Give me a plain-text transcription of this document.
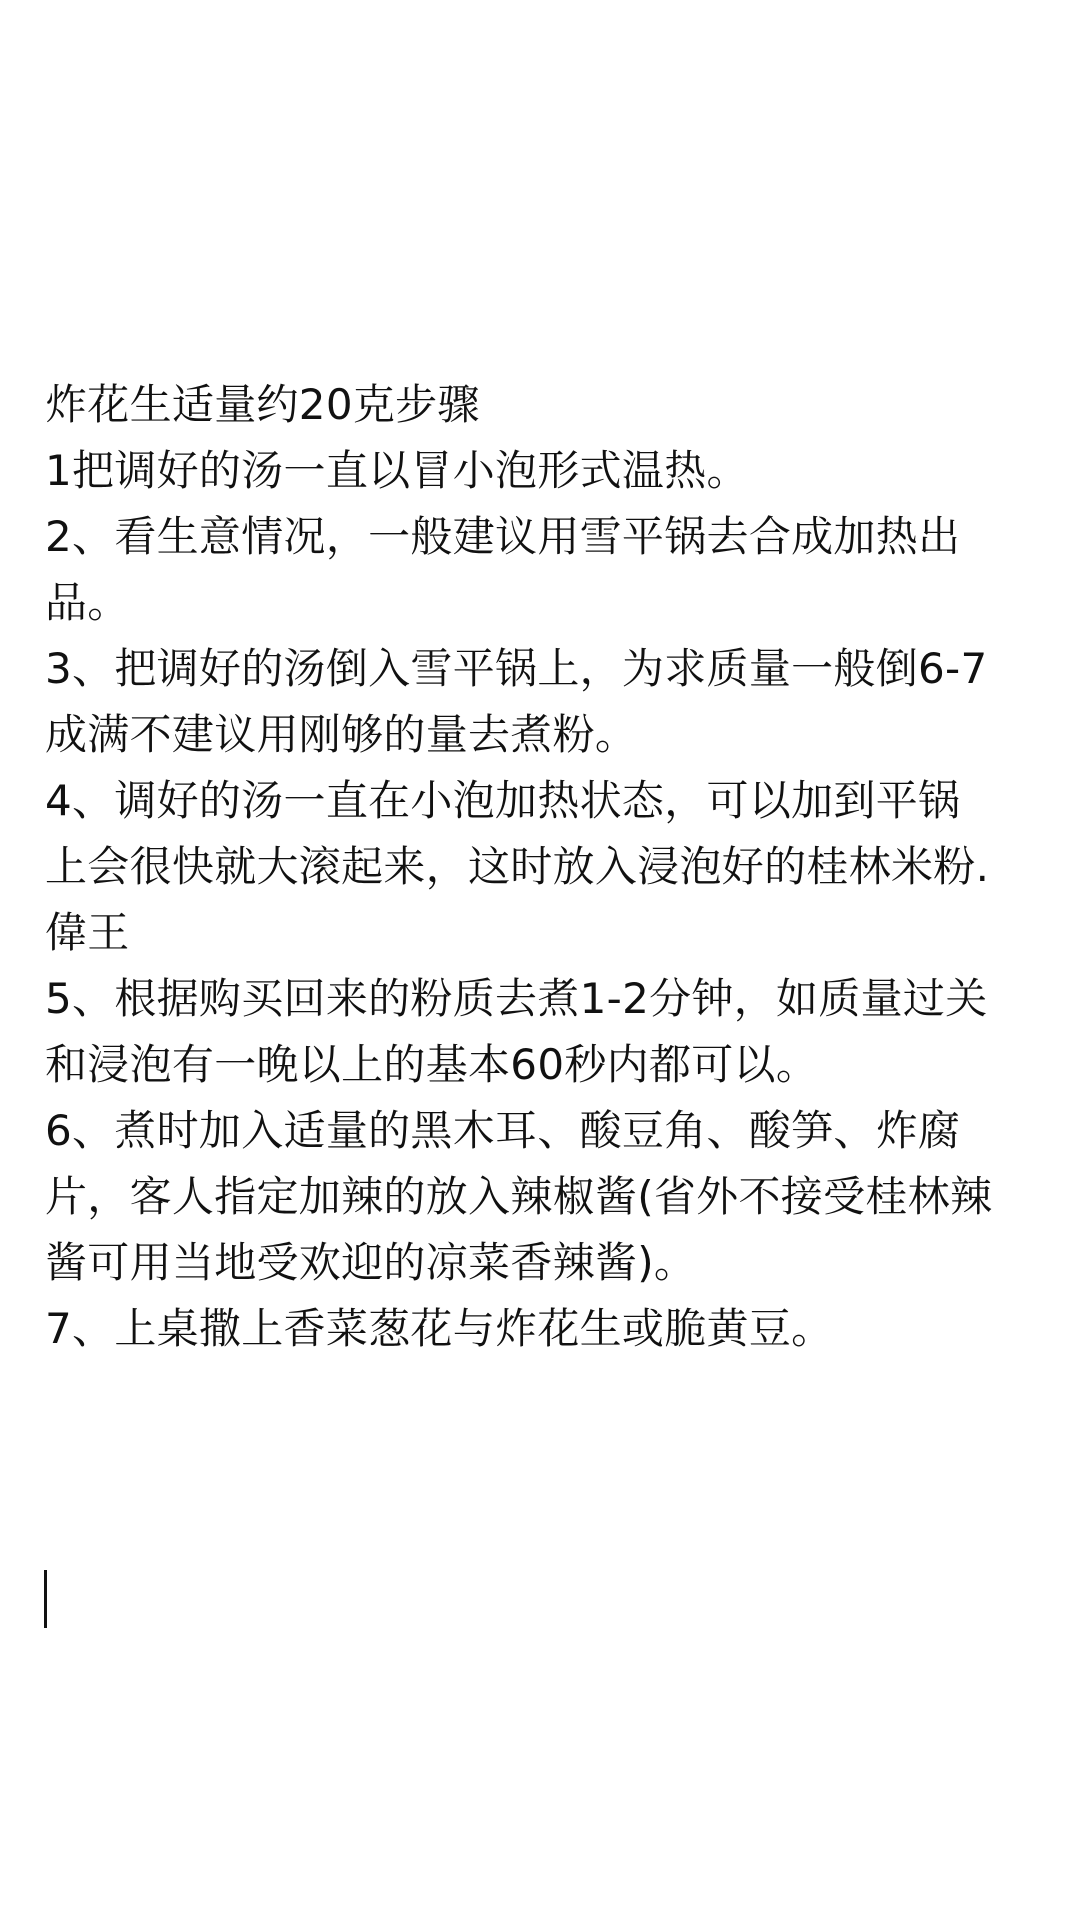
炸花生适量约20克步骤
1把调好的汤一直以冒小泡形式温热。
2、看生意情况，一般建议用雪平锅去合成加热出
品。
3、把调好的汤倒入雪平锅上，为求质量一般倒6-7
成满不建议用刚够的量去煮粉。
4、调好的汤一直在小泡加热状态，可以加到平锅
上会很快就大滚起来，这时放入浸泡好的桂林米粉.
偉王
5、根据购买回来的粉质去煮1-2分钟，如质量过关
和浸泡有一晚以上的基本60秒内都可以。
6、煮时加入适量的黑木耳、酸豆角、酸笋、炸腐
片，客人指定加辣的放入辣椒酱(省外不接受桂林辣
酱可用当地受欢迎的凉菜香辣酱)。
7、上桌撒上香菜葱花与炸花生或脆黄豆。
